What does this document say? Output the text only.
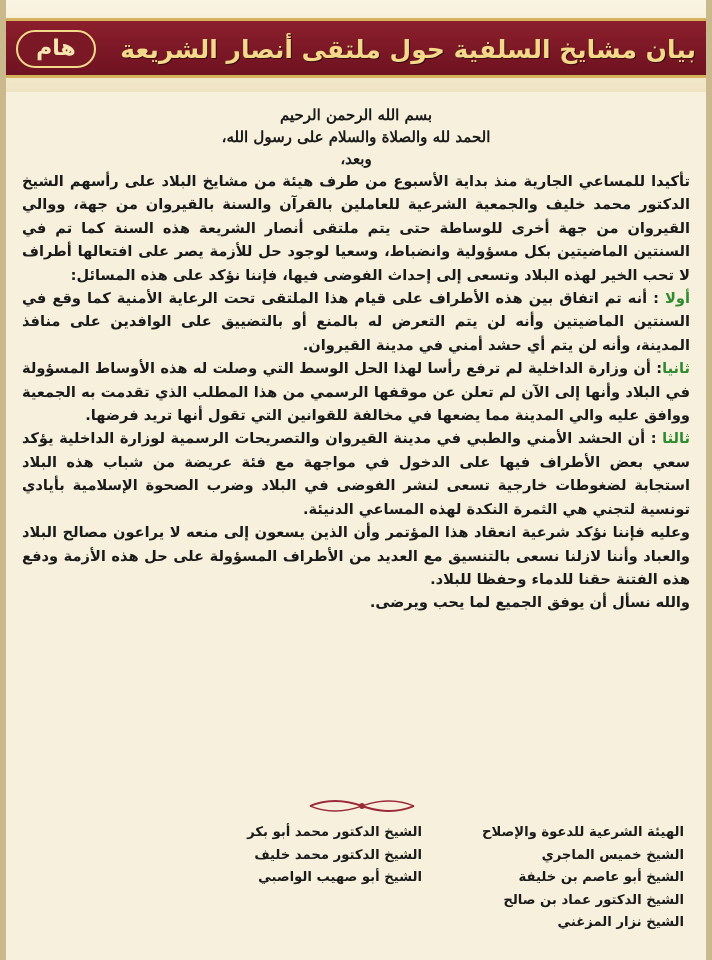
بيان مشايخ السلفية حول ملتقى أنصار الشريعة
هام
بسم الله الرحمن الرحيم
الحمد لله والصلاة والسلام على رسول الله،
وبعد،

تأكيدا للمساعي الجارية منذ بداية الأسبوع من طرف هيئة من مشايخ البلاد على رأسهم الشيخ الدكتور محمد خليف والجمعية الشرعية للعاملين بالقرآن والسنة بالقيروان من جهة، ووالي القيروان من جهة أخرى للوساطة حتى يتم ملتقى أنصار الشريعة هذه السنة كما تم في السنتين الماضيتين بكل مسؤولية وانضباط، وسعيا لوجود حل للأزمة يصر على افتعالها أطراف لا تحب الخير لهذه البلاد وتسعى إلى إحداث الفوضى فيها، فإننا نؤكد على هذه المسائل:

أولا : أنه تم اتفاق بين هذه الأطراف على قيام هذا الملتقى تحت الرعاية الأمنية كما وقع في السنتين الماضيتين وأنه لن يتم التعرض له بالمنع أو بالتضييق على الوافدين على منافذ المدينة، وأنه لن يتم أي حشد أمني في مدينة القيروان.

ثانيا: أن وزارة الداخلية لم ترفع رأسا لهذا الحل الوسط التي وصلت له هذه الأوساط المسؤولة في البلاد وأنها إلى الآن لم تعلن عن موقفها الرسمي من هذا المطلب الذي تقدمت به الجمعية ووافق عليه والي المدينة مما يضعها في مخالفة للقوانين التي تقول أنها تريد فرضها.

ثالثا : أن الحشد الأمني والطبي في مدينة القيروان والتصريحات الرسمية لوزارة الداخلية يؤكد سعي بعض الأطراف فيها على الدخول في مواجهة مع فئة عريضة من شباب هذه البلاد استجابة لضغوطات خارجية تسعى لنشر الفوضى في البلاد وضرب الصحوة الإسلامية بأيادي تونسية لتجني هي الثمرة النكدة لهذه المساعي الدنيئة.

وعليه فإننا نؤكد شرعية انعقاد هذا المؤتمر وأن الذين يسعون إلى منعه لا يراعون مصالح البلاد والعباد وأننا لازلنا نسعى بالتنسيق مع العديد من الأطراف المسؤولة على حل هذه الأزمة ودفع هذه الفتنة حقنا للدماء وحفظا للبلاد.

والله نسأل أن يوفق الجميع لما يحب ويرضى.

الهيئة الشرعية للدعوة والإصلاح
الشيخ خميس الماجري
الشيخ أبو عاصم بن خليفة
الشيخ الدكتور عماد بن صالح
الشيخ نزار المزغني
الشيخ الدكتور محمد أبو بكر
الشيخ الدكتور محمد خليف
الشيخ أبو صهيب الواصبي
